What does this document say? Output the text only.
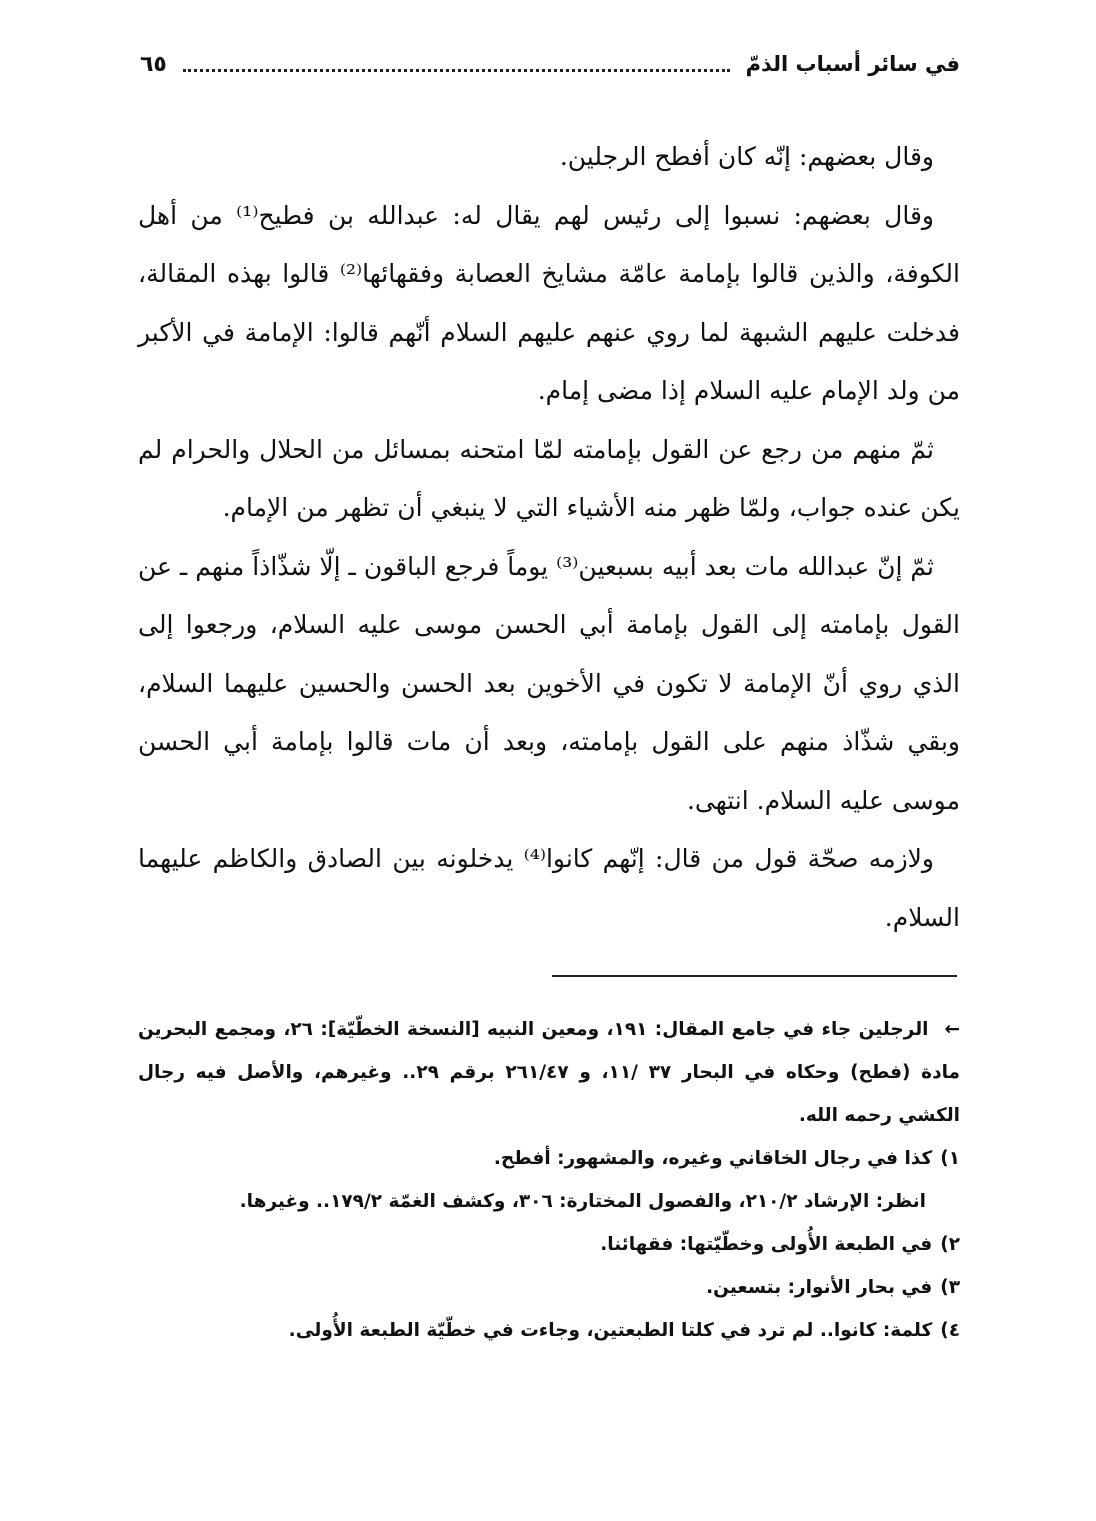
في سائر أسباب الذمّ
٦٥

وقال بعضهم: إنّه كان أفطح الرجلين.

وقال بعضهم: نسبوا إلى رئيس لهم يقال له: عبدالله بن فطيح⁽¹⁾ من أهل الكوفة، والذين قالوا بإمامة عامّة مشايخ العصابة وفقهائها⁽²⁾ قالوا بهذه المقالة، فدخلت عليهم الشبهة لما روي عنهم عليهم السلام أنّهم قالوا: الإمامة في الأكبر من ولد الإمام عليه السلام إذا مضى إمام.

ثمّ منهم من رجع عن القول بإمامته لمّا امتحنه بمسائل من الحلال والحرام لم يكن عنده جواب، ولمّا ظهر منه الأشياء التي لا ينبغي أن تظهر من الإمام.

ثمّ إنّ عبدالله مات بعد أبيه بسبعين⁽³⁾ يوماً فرجع الباقون ـ إلّا شذّاذاً منهم ـ عن القول بإمامته إلى القول بإمامة أبي الحسن موسى عليه السلام، ورجعوا إلى الذي روي أنّ الإمامة لا تكون في الأخوين بعد الحسن والحسين عليهما السلام، وبقي شذّاذ منهم على القول بإمامته، وبعد أن مات قالوا بإمامة أبي الحسن موسى عليه السلام. انتهى.

ولازمه صحّة قول من قال: إنّهم كانوا⁽⁴⁾ يدخلونه بين الصادق والكاظم عليهما السلام.

←الرجلين جاء في جامع المقال: ١٩١، ومعين النبيه [النسخة الخطّيّة]: ٢٦، ومجمع البحرين مادة (فطح) وحكاه في البحار ٣٧ /١١، و ٢٦١/٤٧ برقم ٢٩.. وغيرهم، والأصل فيه رجال الكشي رحمه الله.

١)كذا في رجال الخاقاني وغيره، والمشهور: أفطح.

انظر: الإرشاد ٢١٠/٢، والفصول المختارة: ٣٠٦، وكشف الغمّة ١٧٩/٢.. وغيرها.

٢)في الطبعة الأُولى وخطّيّتها: فقهائنا.

٣)في بحار الأنوار: بتسعين.

٤)كلمة: كانوا.. لم ترد في كلتا الطبعتين، وجاءت في خطّيّة الطبعة الأُولى.
